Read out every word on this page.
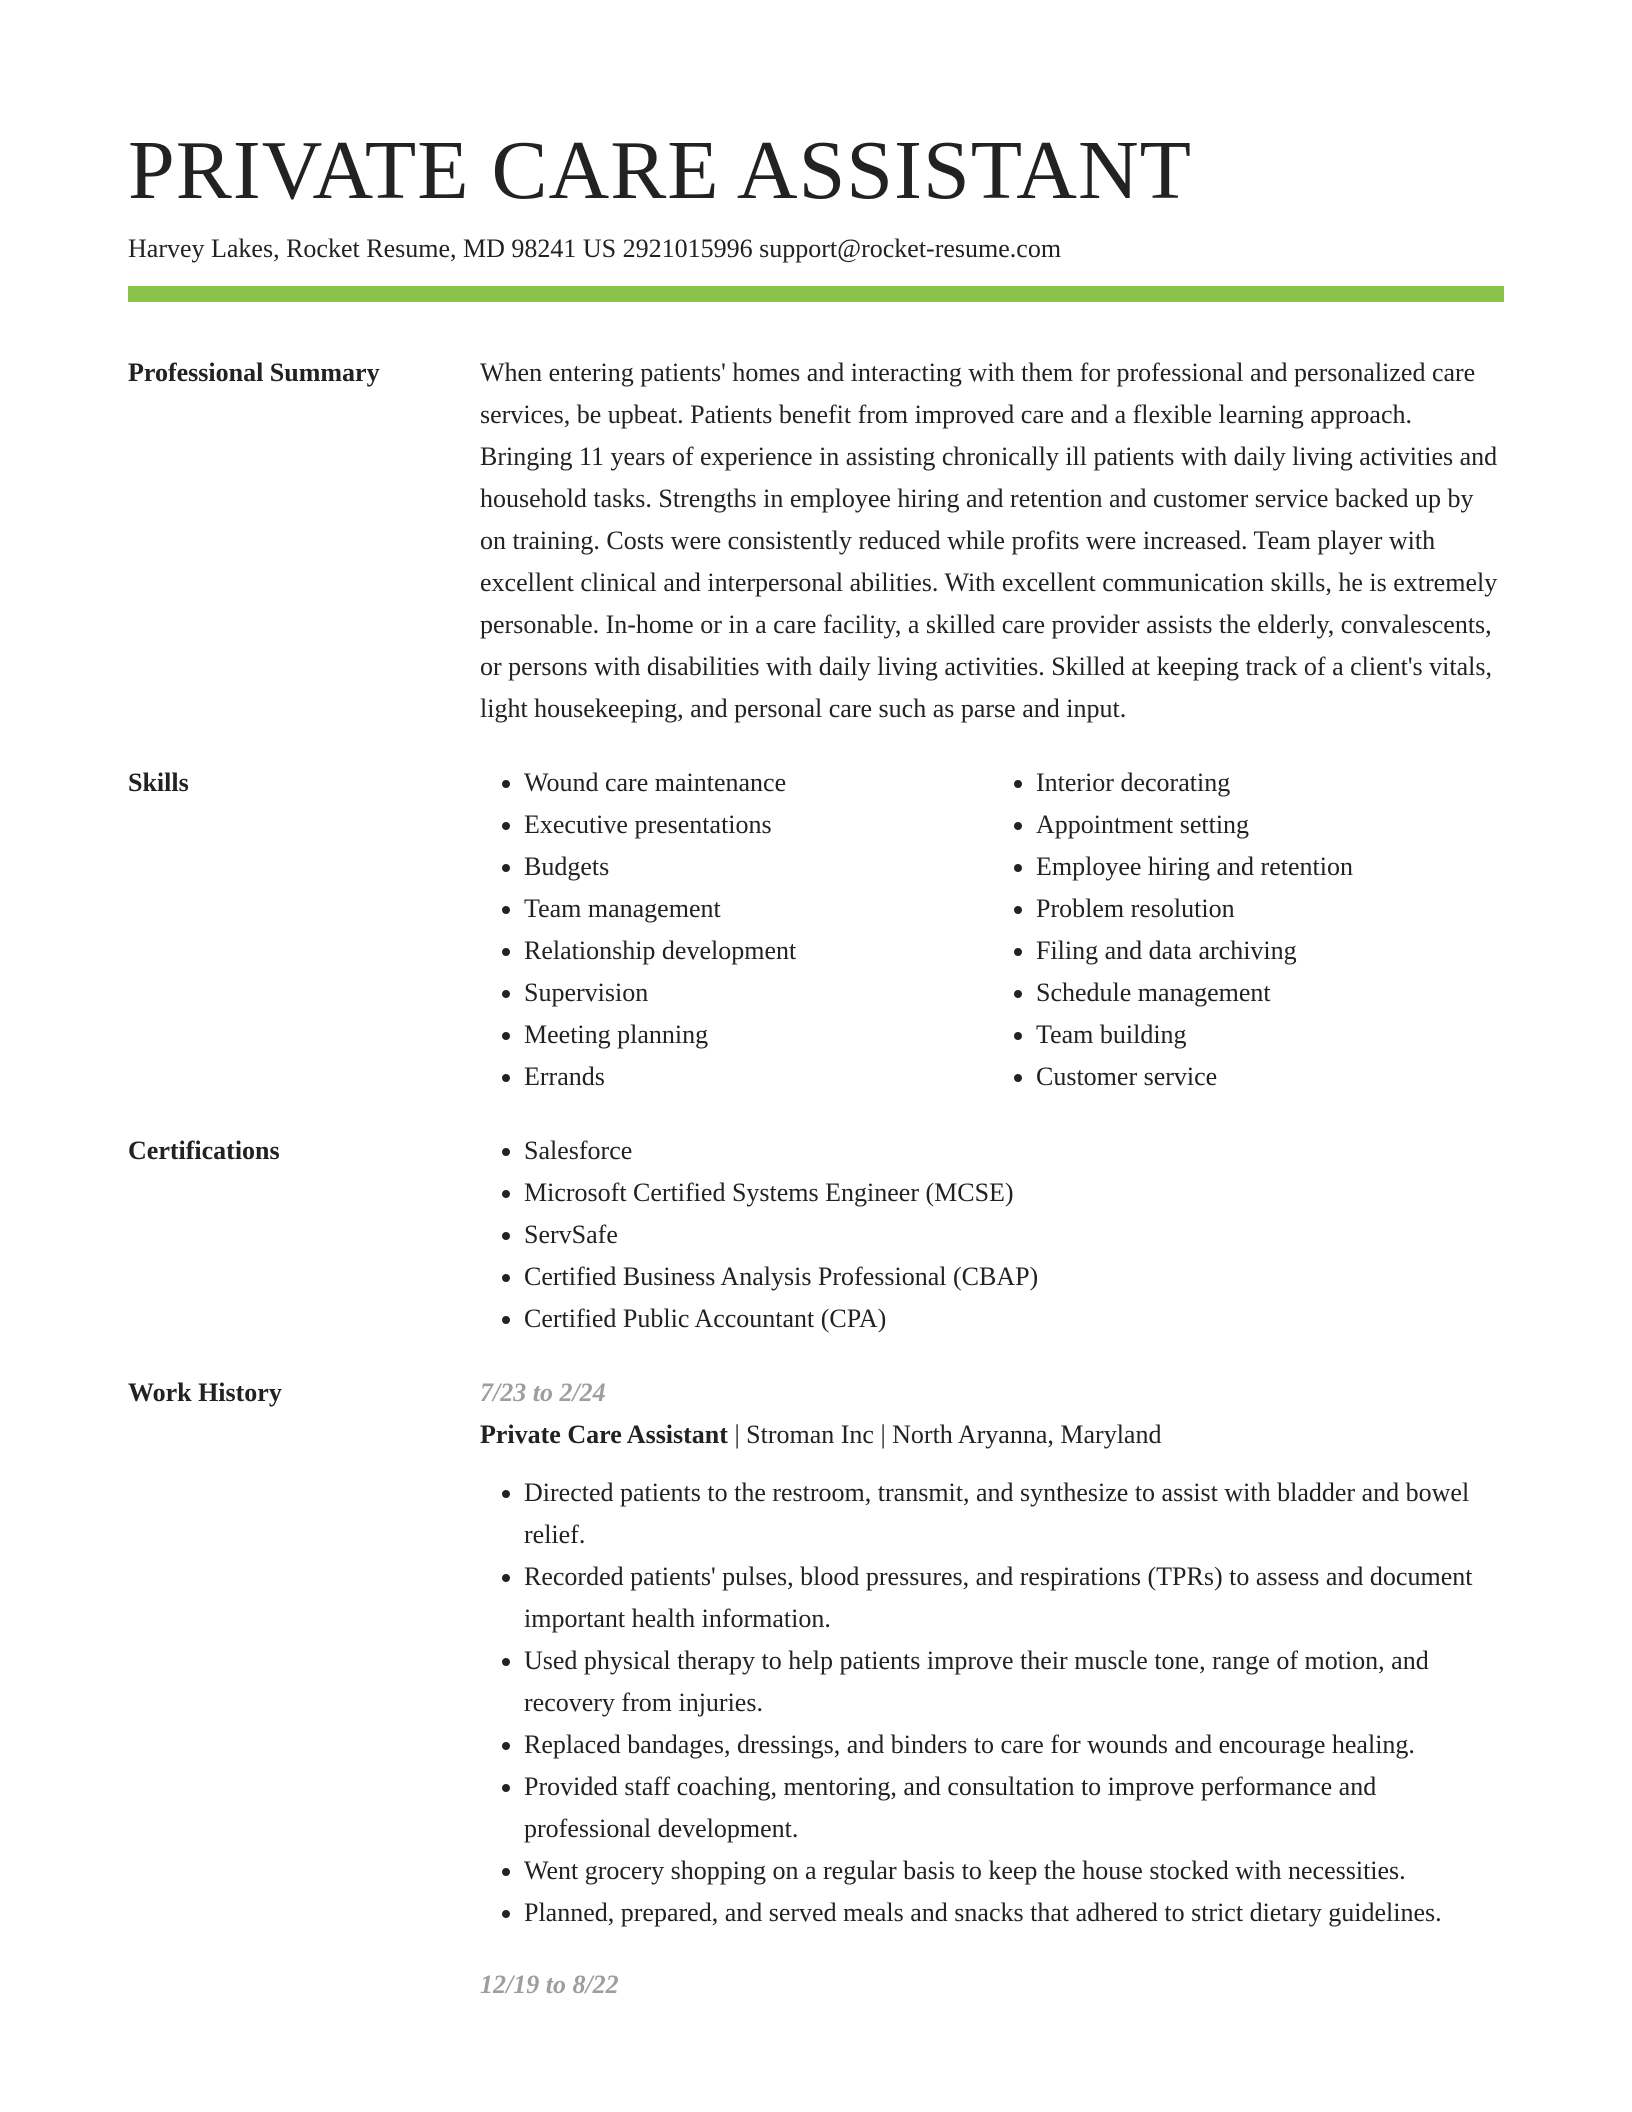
PRIVATE CARE ASSISTANT
Harvey Lakes, Rocket Resume, MD 98241 US 2921015996 support@rocket-resume.com
Professional Summary	When entering patients' homes and interacting with them for professional and personalized care services, be upbeat. Patients benefit from improved care and a flexible learning approach. Bringing 11 years of experience in assisting chronically ill patients with daily living activities and household tasks. Strengths in employee hiring and retention and customer service backed up by on training. Costs were consistently reduced while profits were increased. Team player with excellent clinical and interpersonal abilities. With excellent communication skills, he is extremely personable. In-home or in a care facility, a skilled care provider assists the elderly, convalescents, or persons with disabilities with daily living activities. Skilled at keeping track of a client's vitals, light housekeeping, and personal care such as parse and input.

Skills	• Wound care maintenance
• Executive presentations
• Budgets
• Team management
• Relationship development
• Supervision
• Meeting planning
• Errands
• Interior decorating
• Appointment setting
• Employee hiring and retention
• Problem resolution
• Filing and data archiving
• Schedule management
• Team building
• Customer service
Certifications	• Salesforce
• Microsoft Certified Systems Engineer (MCSE)
• ServSafe
• Certified Business Analysis Professional (CBAP)
• Certified Public Accountant (CPA)
Work History	7/23 to 2/24
Private Care Assistant | Stroman Inc | North Aryanna, Maryland
• Directed patients to the restroom, transmit, and synthesize to assist with bladder and bowel relief.
• Recorded patients' pulses, blood pressures, and respirations (TPRs) to assess and document important health information.
• Used physical therapy to help patients improve their muscle tone, range of motion, and recovery from injuries.
• Replaced bandages, dressings, and binders to care for wounds and encourage healing.
• Provided staff coaching, mentoring, and consultation to improve performance and professional development.
• Went grocery shopping on a regular basis to keep the house stocked with necessities.
• Planned, prepared, and served meals and snacks that adhered to strict dietary guidelines.
12/19 to 8/22
